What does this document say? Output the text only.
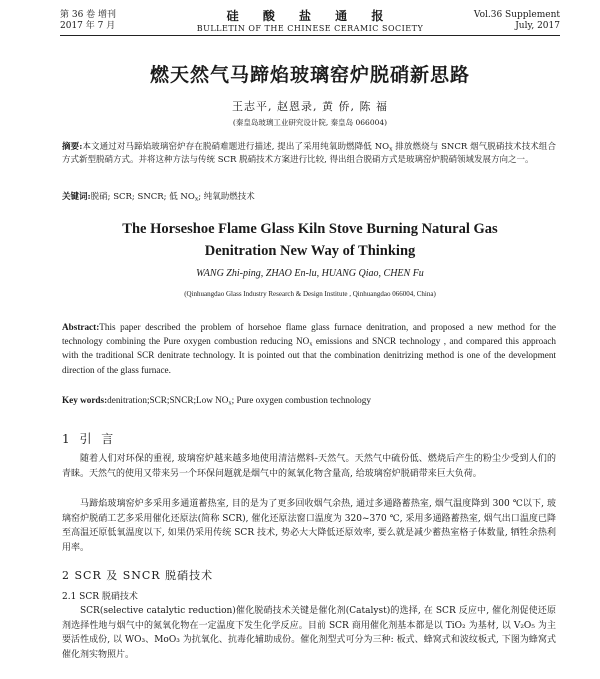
第 36 卷 增刊
2017 年 7 月
硅 酸 盐 通 报
BULLETIN OF THE CHINESE CERAMIC SOCIETY
Vol.36 Supplement
July, 2017
燃天然气马蹄焰玻璃窑炉脱硝新思路
王志平, 赵恩录, 黄 侨, 陈 福
(秦皇岛玻璃工业研究设计院, 秦皇岛 066004)
摘要:本文通过对马蹄焰玻璃窑炉存在脱硝难题进行描述, 提出了采用纯氧助燃降低 $NO_x$ 排放燃烧与 SNCR 烟气脱硝技术技术组合方式新型脱硝方式。并将这种方法与传统 SCR 脱硝技术方案进行比较, 得出组合脱硝方式是玻璃窑炉脱硝领域发展方向之一。
关键词:脱硝; SCR; SNCR; 低 $NO_x$; 纯氧助燃技术
The Horseshoe Flame Glass Kiln Stove Burning Natural Gas
Denitration New Way of Thinking
WANG Zhi-ping, ZHAO En-lu, HUANG Qiao, CHEN Fu
(Qinhuangdao Glass Industry Research & Design Institute , Qinhuangdao 066004, China)
Abstract:This paper described the problem of horsehoe flame glass furnace denitration, and proposed a new method for the technology combining the Pure oxygen combustion reducing $NO_x$ emissions and SNCR technology , and compared this approach with the traditional SCR denitrate technology. It is pointed out that the combination denitrizing method is one of the development direction of the glass furnace.
Key words:denitration;SCR;SNCR;Low $NO_x$; Pure oxygen combustion technology
1 引 言
随着人们对环保的重视, 玻璃窑炉越来越多地使用清洁燃料-天然气。天然气中硫份低、燃烧后产生的粉尘少受到人们的青睐。天然气的使用又带来另一个环保问题就是烟气中的氮氧化物含量高, 给玻璃窑炉脱硝带来巨大负荷。
马蹄焰玻璃窑炉多采用多通道蓄热室, 目的是为了更多回收烟气余热, 通过多通路蓄热室, 烟气温度降到 300 ℃以下, 玻璃窑炉脱硝工艺多采用催化还原法(简称 SCR), 催化还原法窗口温度为 320~370 ℃, 采用多通路蓄热室, 烟气出口温度已降至高温还原低氧温度以下, 如果仍采用传统 SCR 技术, 势必大大降低还原效率, 要么就是减少蓄热室格子体数量, 牺牲余热利用率。
2 SCR 及 SNCR 脱硝技术
2.1 SCR 脱硝技术
SCR(selective catalytic reduction)催化脱硝技术关键是催化剂(Catalyst)的选择, 在 SCR 反应中, 催化剂促使还原剂选择性地与烟气中的氮氧化物在一定温度下发生化学反应。目前 SCR 商用催化剂基本都是以 TiO₂ 为基材, 以 V₂O₅ 为主要活性成份, 以 WO₃、MoO₃ 为抗氧化、抗毒化辅助成份。催化剂型式可分为三种: 板式、蜂窝式和波纹板式, 下图为蜂窝式催化剂实物照片。
